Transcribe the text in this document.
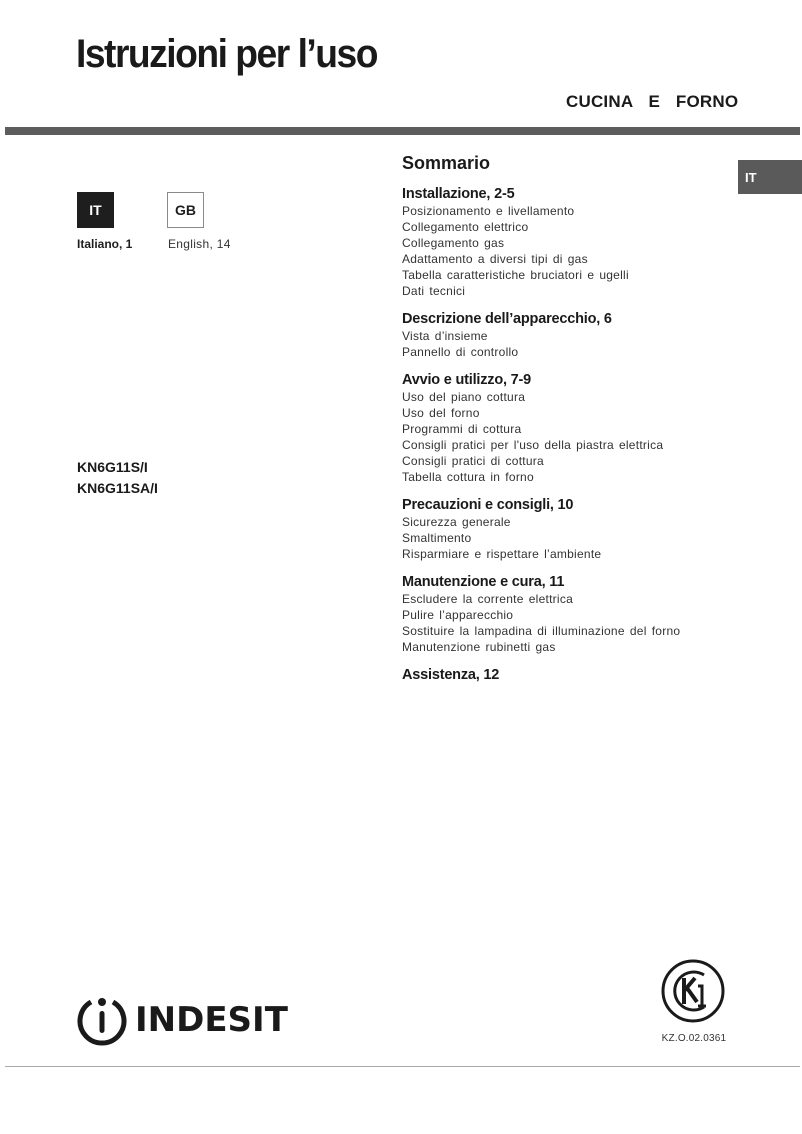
Istruzioni per l’uso
CUCINA  E  FORNO
IT	GB
Italiano, 1	English, 14
IT
KN6G11S/I
KN6G11SA/I
Sommario
Installazione, 2-5
Posizionamento e livellamento
Collegamento elettrico
Collegamento gas
Adattamento a diversi tipi di gas
Tabella caratteristiche bruciatori e ugelli
Dati tecnici
Descrizione dell’apparecchio, 6
Vista d’insieme
Pannello di controllo
Avvio e utilizzo, 7-9
Uso del piano cottura
Uso del forno
Programmi di cottura
Consigli pratici per l'uso della piastra elettrica
Consigli pratici di cottura
Tabella cottura in forno
Precauzioni e consigli, 10
Sicurezza generale
Smaltimento
Risparmiare e rispettare l’ambiente
Manutenzione e cura, 11
Escludere la corrente elettrica
Pulire l’apparecchio
Sostituire la lampadina di illuminazione del forno
Manutenzione rubinetti gas
Assistenza, 12
INDESIT	KZ.O.02.0361
